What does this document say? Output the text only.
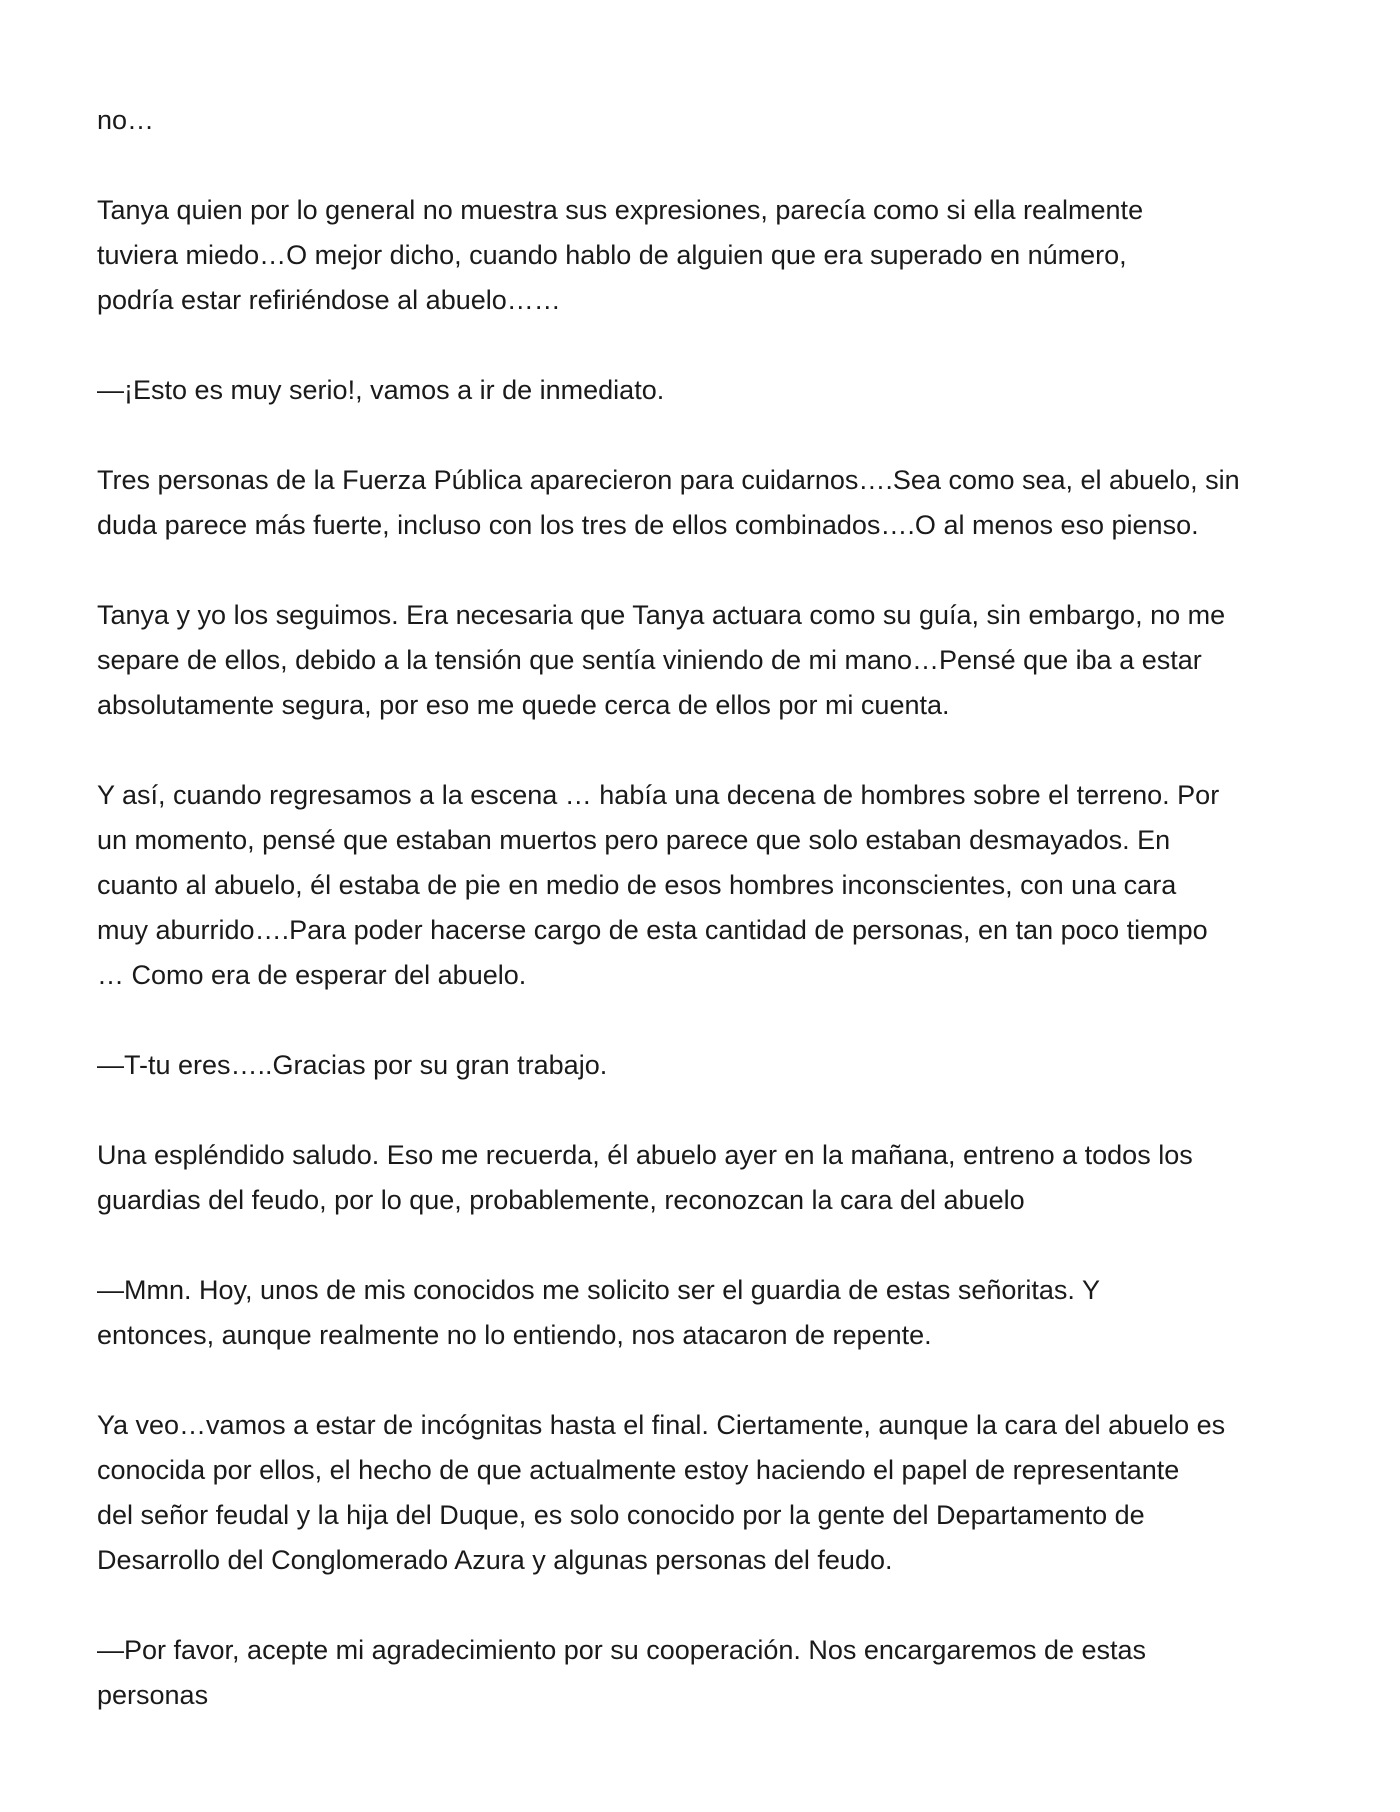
no…

Tanya quien por lo general no muestra sus expresiones, parecía como si ella realmente
tuviera miedo…O mejor dicho, cuando hablo de alguien que era superado en número,
podría estar refiriéndose al abuelo……

—¡Esto es muy serio!, vamos a ir de inmediato.

Tres personas de la Fuerza Pública aparecieron para cuidarnos….Sea como sea, el abuelo, sin
duda parece más fuerte, incluso con los tres de ellos combinados….O al menos eso pienso.

Tanya y yo los seguimos. Era necesaria que Tanya actuara como su guía, sin embargo, no me
separe de ellos, debido a la tensión que sentía viniendo de mi mano…Pensé que iba a estar
absolutamente segura, por eso me quede cerca de ellos por mi cuenta.

Y así, cuando regresamos a la escena … había una decena de hombres sobre el terreno. Por
un momento, pensé que estaban muertos pero parece que solo estaban desmayados. En
cuanto al abuelo, él estaba de pie en medio de esos hombres inconscientes, con una cara
muy aburrido….Para poder hacerse cargo de esta cantidad de personas, en tan poco tiempo
… Como era de esperar del abuelo.

—T-tu eres…..Gracias por su gran trabajo.

Una espléndido saludo. Eso me recuerda, él abuelo ayer en la mañana, entreno a todos los
guardias del feudo, por lo que, probablemente, reconozcan la cara del abuelo

—Mmn. Hoy, unos de mis conocidos me solicito ser el guardia de estas señoritas. Y
entonces, aunque realmente no lo entiendo, nos atacaron de repente.

Ya veo…vamos a estar de incógnitas hasta el final. Ciertamente, aunque la cara del abuelo es
conocida por ellos, el hecho de que actualmente estoy haciendo el papel de representante
del señor feudal y la hija del Duque, es solo conocido por la gente del Departamento de
Desarrollo del Conglomerado Azura y algunas personas del feudo.

—Por favor, acepte mi agradecimiento por su cooperación. Nos encargaremos de estas
personas
